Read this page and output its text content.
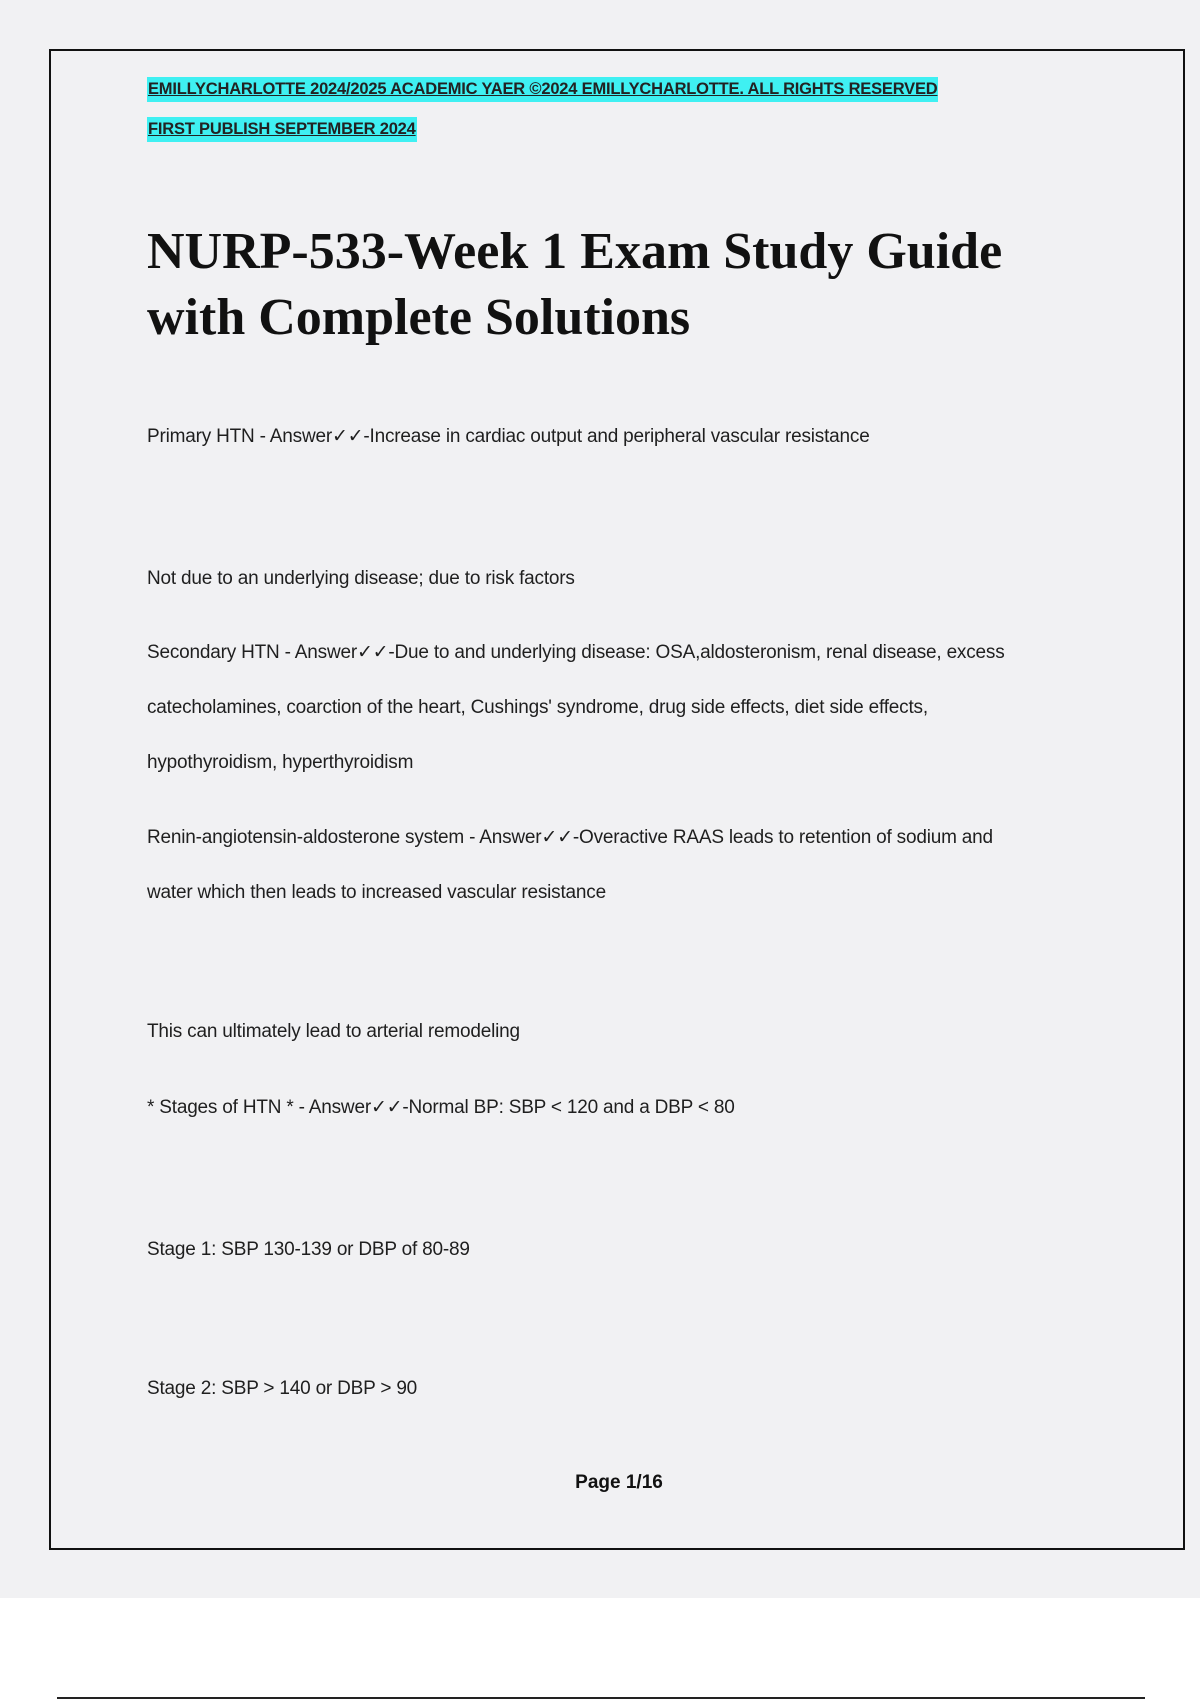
EMILLYCHARLOTTE 2024/2025 ACADEMIC YAER ©2024 EMILLYCHARLOTTE. ALL RIGHTS RESERVED
FIRST PUBLISH SEPTEMBER 2024
NURP-533-Week 1 Exam Study Guide
with Complete Solutions
Primary HTN - Answer✓✓-Increase in cardiac output and peripheral vascular resistance
Not due to an underlying disease; due to risk factors
Secondary HTN - Answer✓✓-Due to and underlying disease: OSA,aldosteronism, renal disease, excess
catecholamines, coarction of the heart, Cushings' syndrome, drug side effects, diet side effects,
hypothyroidism, hyperthyroidism
Renin-angiotensin-aldosterone system - Answer✓✓-Overactive RAAS leads to retention of sodium and
water which then leads to increased vascular resistance
This can ultimately lead to arterial remodeling
* Stages of HTN * - Answer✓✓-Normal BP: SBP < 120 and a DBP < 80
Stage 1: SBP 130-139 or DBP of 80-89
Stage 2: SBP > 140 or DBP > 90
Page 1/16
